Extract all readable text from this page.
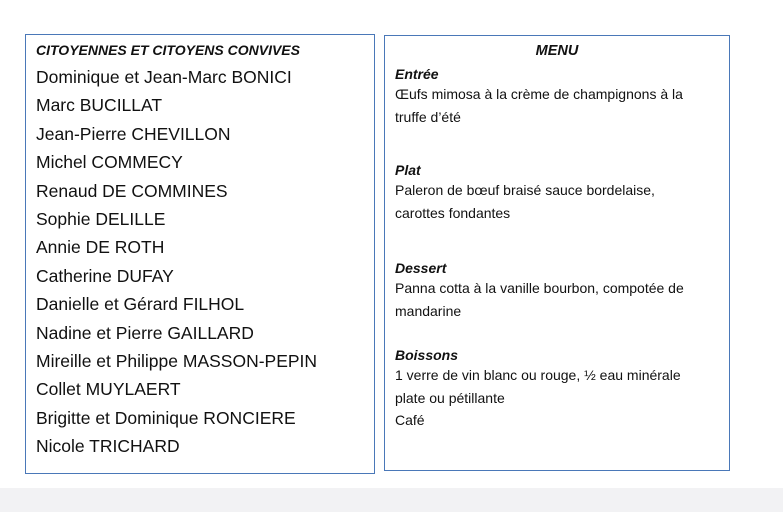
CITOYENNES ET CITOYENS CONVIVES
Dominique et Jean-Marc BONICI
Marc BUCILLAT
Jean-Pierre CHEVILLON
Michel COMMECY
Renaud DE COMMINES
Sophie DELILLE
Annie DE ROTH
Catherine DUFAY
Danielle et Gérard FILHOL
Nadine et Pierre GAILLARD
Mireille et Philippe MASSON-PEPIN
Collet MUYLAERT
Brigitte et Dominique RONCIERE
Nicole TRICHARD
MENU
Entrée
Œufs mimosa à la crème de champignons à la
truffe d’été
Plat
Paleron de bœuf braisé sauce bordelaise,
carottes fondantes
Dessert
Panna cotta à la vanille bourbon, compotée de
mandarine
Boissons
1 verre de vin blanc ou rouge, ½ eau minérale
plate ou pétillante
Café
